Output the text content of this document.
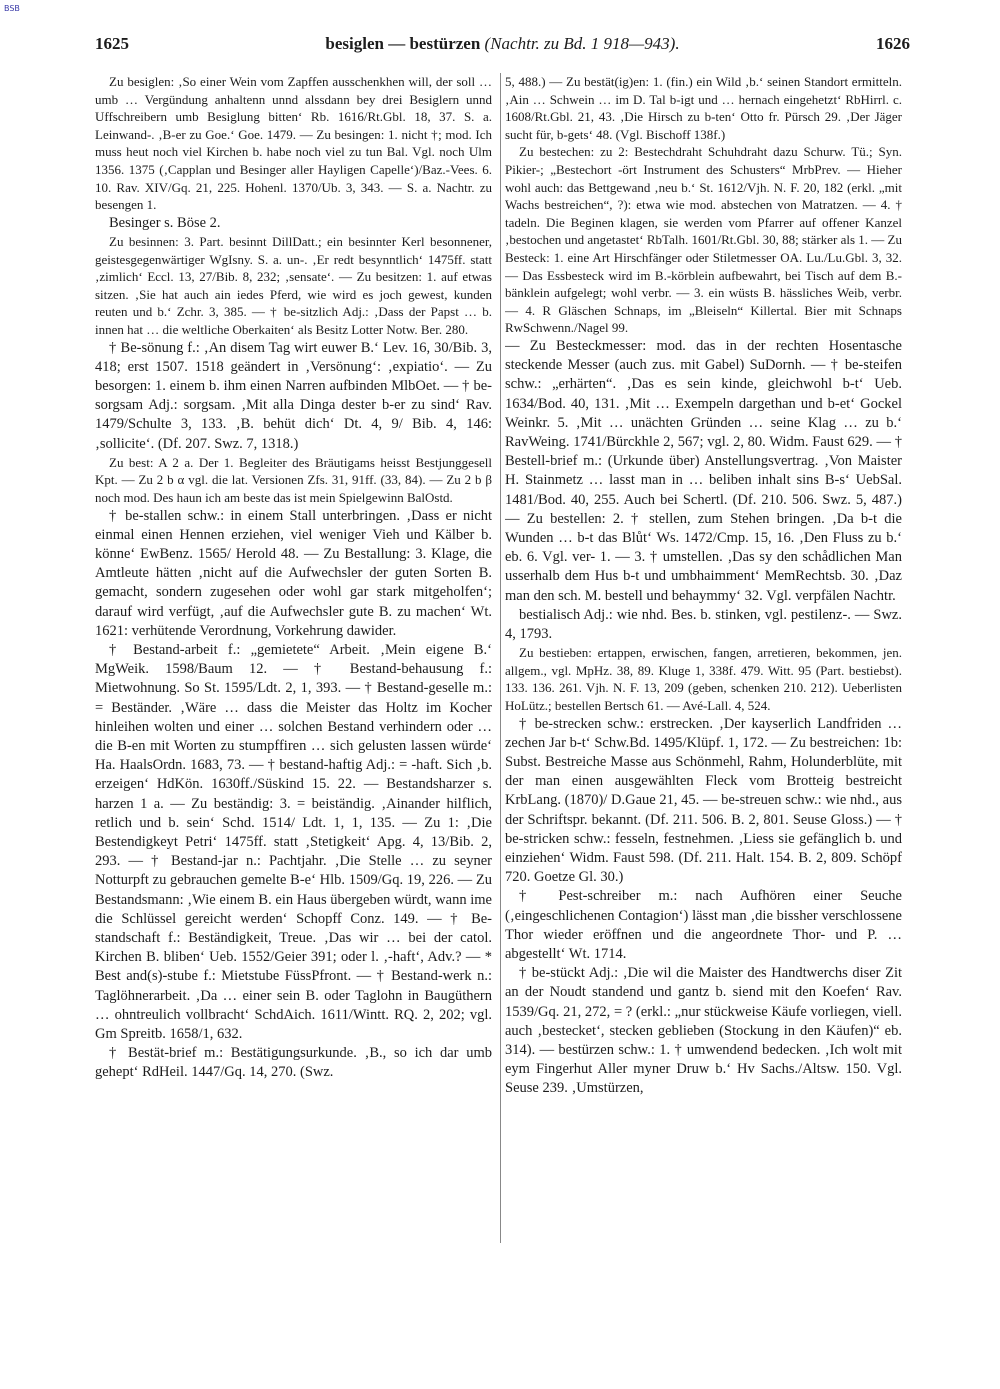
BSB
1625	besiglen — bestürzen (Nachtr. zu Bd. 1 918—943).	1626

Zu besiglen: ‚So einer Wein vom Zapffen ausschenkhen will, der soll … umb … Vergündung anhaltenn unnd alssdann bey drei Besiglern unnd Uffschreibern umb Besiglung bitten‘ Rb. 1616/Rt.Gbl. 18, 37. S. a. Leinwand-. ‚B-er zu Goe.‘ Goe. 1479. — Zu besingen: 1. nicht †; mod. Ich muss heut noch viel Kirchen b. habe noch viel zu tun Bal. Vgl. noch Ulm 1356. 1375 (‚Capplan und Besinger aller Hayligen Capelle‘)/Baz.-Vees. 6. 10. Rav. XIV/Gq. 21, 225. Hohenl. 1370/Ub. 3, 343. — S. a. Nachtr. zu besengen 1.

Besinger s. Böse 2.

Zu besinnen: 3. Part. besinnt DillDatt.; ein besinnter Kerl besonnener, geistesgegenwärtiger WgIsny. S. a. un-. ‚Er redt besynntlich‘ 1475ff. statt ‚zimlich‘ Eccl. 13, 27/Bib. 8, 232; ‚sensate‘. — Zu besitzen: 1. auf etwas sitzen. ‚Sie hat auch ain iedes Pferd, wie wird es joch gewest, kunden reuten und b.‘ Zchr. 3, 385. — † be-sitzlich Adj.: ‚Dass der Papst … b. innen hat … die weltliche Oberkaiten‘ als Besitz Lotter Notw. Ber. 280.

† Be-sönung f.: ‚An disem Tag wirt euwer B.‘ Lev. 16, 30/Bib. 3, 418; erst 1507. 1518 geändert in ‚Versönung‘: ‚expiatio‘. — Zu besorgen: 1. einem b. ihm einen Narren aufbinden MlbOet. — † be-sorgsam Adj.: sorgsam. ‚Mit alla Dinga dester b-er zu sind‘ Rav. 1479/Schulte 3, 133. ‚B. behüt dich‘ Dt. 4, 9/ Bib. 4, 146: ‚sollicite‘. (Df. 207. Swz. 7, 1318.)

Zu best: A 2 a. Der 1. Begleiter des Bräutigams heisst Bestjunggesell Kpt. — Zu 2 b α vgl. die lat. Versionen Zfs. 31, 91ff. (33, 84). — Zu 2 b β noch mod. Des haun ich am beste das ist mein Spielgewinn BalOstd.

† be-stallen schw.: in einem Stall unterbringen. ‚Dass er nicht einmal einen Hennen erziehen, viel weniger Vieh und Kälber b. könne‘ EwBenz. 1565/ Herold 48. — Zu Bestallung: 3. Klage, die Amtleute hätten ‚nicht auf die Aufwechsler der guten Sorten B. gemacht, sondern zugesehen oder wohl gar stark mitgeholfen‘; darauf wird verfügt, ‚auf die Aufwechsler gute B. zu machen‘ Wt. 1621: verhütende Verordnung, Vorkehrung dawider.

† Bestand-arbeit f.: „gemietete“ Arbeit. ‚Mein eigene B.‘ MgWeik. 1598/Baum 12. — † Bestand-behausung f.: Mietwohnung. So St. 1595/Ldt. 2, 1, 393. — † Bestand-geselle m.: = Beständer. ‚Wäre … dass die Meister das Holtz im Kocher hinleihen wolten und einer … solchen Bestand verhindern oder … die B-en mit Worten zu stumpffiren … sich gelusten lassen würde‘ Ha. HaalsOrdn. 1683, 73. — † bestand-haftig Adj.: = -haft. Sich ‚b. erzeigen‘ HdKön. 1630ff./Süskind 15. 22. — Bestandsharzer s. harzen 1 a. — Zu beständig: 3. = beiständig. ‚Ainander hilflich, retlich und b. sein‘ Schd. 1514/ Ldt. 1, 1, 135. — Zu 1: ‚Die Bestendigkeyt Petri‘ 1475ff. statt ‚Stetigkeit‘ Apg. 4, 13/Bib. 2, 293. — † Bestand-jar n.: Pachtjahr. ‚Die Stelle … zu seyner Notturpft zu gebrauchen gemelte B-e‘ Hlb. 1509/Gq. 19, 226. — Zu Bestandsmann: ‚Wie einem B. ein Haus übergeben würdt, wann ime die Schlüssel gereicht werden‘ Schopff Conz. 149. — † Be-standschaft f.: Beständigkeit, Treue. ‚Das wir … bei der catol. Kirchen B. bliben‘ Ueb. 1552/Geier 391; oder l. ‚-haft‘, Adv.? — * Best and(s)-stube f.: Mietstube FüssPfront. — † Bestand-werk n.: Taglöhnerarbeit. ‚Da … einer sein B. oder Taglohn in Baugüthern … ohntreulich vollbracht‘ SchdAich. 1611/Wintt. RQ. 2, 202; vgl. Gm Spreitb. 1658/1, 632.

† Bestät-brief m.: Bestätigungsurkunde. ‚B., so ich dar umb gehept‘ RdHeil. 1447/Gq. 14, 270. (Swz.

5, 488.) — Zu bestät(ig)en: 1. (fin.) ein Wild ‚b.‘ seinen Standort ermitteln. ‚Ain … Schwein … im D. Tal b-igt und … hernach eingehetzt‘ RbHirrl. c. 1608/Rt.Gbl. 21, 43. ‚Die Hirsch zu b-ten‘ Otto fr. Pürsch 29. ‚Der Jäger sucht für, b-gets‘ 48. (Vgl. Bischoff 138f.)

Zu bestechen: zu 2: Bestechdraht Schuhdraht dazu Schurw. Tü.; Syn. Pikier-; „Bestechort -ört Instrument des Schusters“ MrbPrev. — Hieher wohl auch: das Bettgewand ‚neu b.‘ St. 1612/Vjh. N. F. 20, 182 (erkl. „mit Wachs bestreichen“, ?): etwa wie mod. abstechen von Matratzen. — 4. † tadeln. Die Beginen klagen, sie werden vom Pfarrer auf offener Kanzel ‚bestochen und angetastet‘ RbTalh. 1601/Rt.Gbl. 30, 88; stärker als 1. — Zu Besteck: 1. eine Art Hirschfänger oder Stiletmesser OA. Lu./Lu.Gbl. 3, 32. — Das Essbesteck wird im B.-körblein aufbewahrt, bei Tisch auf dem B.-bänklein aufgelegt; wohl verbr. — 3. ein wüsts B. hässliches Weib, verbr. — 4. R Gläschen Schnaps, im „Bleiseln“ Killertal. Bier mit Schnaps RwSchwenn./Nagel 99.

— Zu Besteckmesser: mod. das in der rechten Hosentasche steckende Messer (auch zus. mit Gabel) SuDornh. — † be-steifen schw.: „erhärten“. ‚Das es sein kinde, gleichwohl b-t‘ Ueb. 1634/Bod. 40, 131. ‚Mit … Exempeln dargethan und b-et‘ Gockel Weinkr. 5. ‚Mit … unächten Gründen … seine Klag … zu b.‘ RavWeing. 1741/Bürckhle 2, 567; vgl. 2, 80. Widm. Faust 629. — † Bestell-brief m.: (Urkunde über) Anstellungsvertrag. ‚Von Maister H. Stainmetz … lasst man in … beliben inhalt sins B-s‘ UebSal. 1481/Bod. 40, 255. Auch bei Schertl. (Df. 210. 506. Swz. 5, 487.) — Zu bestellen: 2. † stellen, zum Stehen bringen. ‚Da b-t die Wunden … b-t das Blůt‘ Ws. 1472/Cmp. 15, 16. ‚Den Fluss zu b.‘ eb. 6. Vgl. ver- 1. — 3. † umstellen. ‚Das sy den schådlichen Man usserhalb dem Hus b-t und umbhaimment‘ MemRechtsb. 30. ‚Daz man den sch. M. bestell und behaymmy‘ 32. Vgl. verpfälen Nachtr.

bestialisch Adj.: wie nhd. Bes. b. stinken, vgl. pestilenz-. — Swz. 4, 1793.

Zu bestieben: ertappen, erwischen, fangen, arretieren, bekommen, jen. allgem., vgl. MpHz. 38, 89. Kluge 1, 338f. 479. Witt. 95 (Part. bestiebst). 133. 136. 261. Vjh. N. F. 13, 209 (geben, schenken 210. 212). Ueberlisten HoLütz.; bestellen Bertsch 61. — Avé-Lall. 4, 524.

† be-strecken schw.: erstrecken. ‚Der kayserlich Landfriden … zechen Jar b-t‘ Schw.Bd. 1495/Klüpf. 1, 172. — Zu bestreichen: 1b: Subst. Bestreiche Masse aus Schönmehl, Rahm, Holunderblüte, mit der man einen ausgewählten Fleck vom Brotteig bestreicht KrbLang. (1870)/ D.Gaue 21, 45. — be-streuen schw.: wie nhd., aus der Schriftspr. bekannt. (Df. 211. 506. B. 2, 801. Seuse Gloss.) — † be-stricken schw.: fesseln, festnehmen. ‚Liess sie gefänglich b. und einziehen‘ Widm. Faust 598. (Df. 211. Halt. 154. B. 2, 809. Schöpf 720. Goetze Gl. 30.)

† Pest-schreiber m.: nach Aufhören einer Seuche (‚eingeschlichenen Contagion‘) lässt man ‚die bissher verschlossene Thor wieder eröffnen und die angeordnete Thor- und P. … abgestellt‘ Wt. 1714.

† be-stückt Adj.: ‚Die wil die Maister des Handtwerchs diser Zit an der Noudt standend und gantz b. siend mit den Koefen‘ Rav. 1539/Gq. 21, 272, = ? (erkl.: „nur stückweise Käufe vorliegen, viell. auch ‚bestecket‘, stecken geblieben (Stockung in den Käufen)“ eb. 314). — bestürzen schw.: 1. † umwendend bedecken. ‚Ich wolt mit eym Fingerhut Aller myner Druw b.‘ Hv Sachs./Altsw. 150. Vgl. Seuse 239. ‚Umstürzen,
